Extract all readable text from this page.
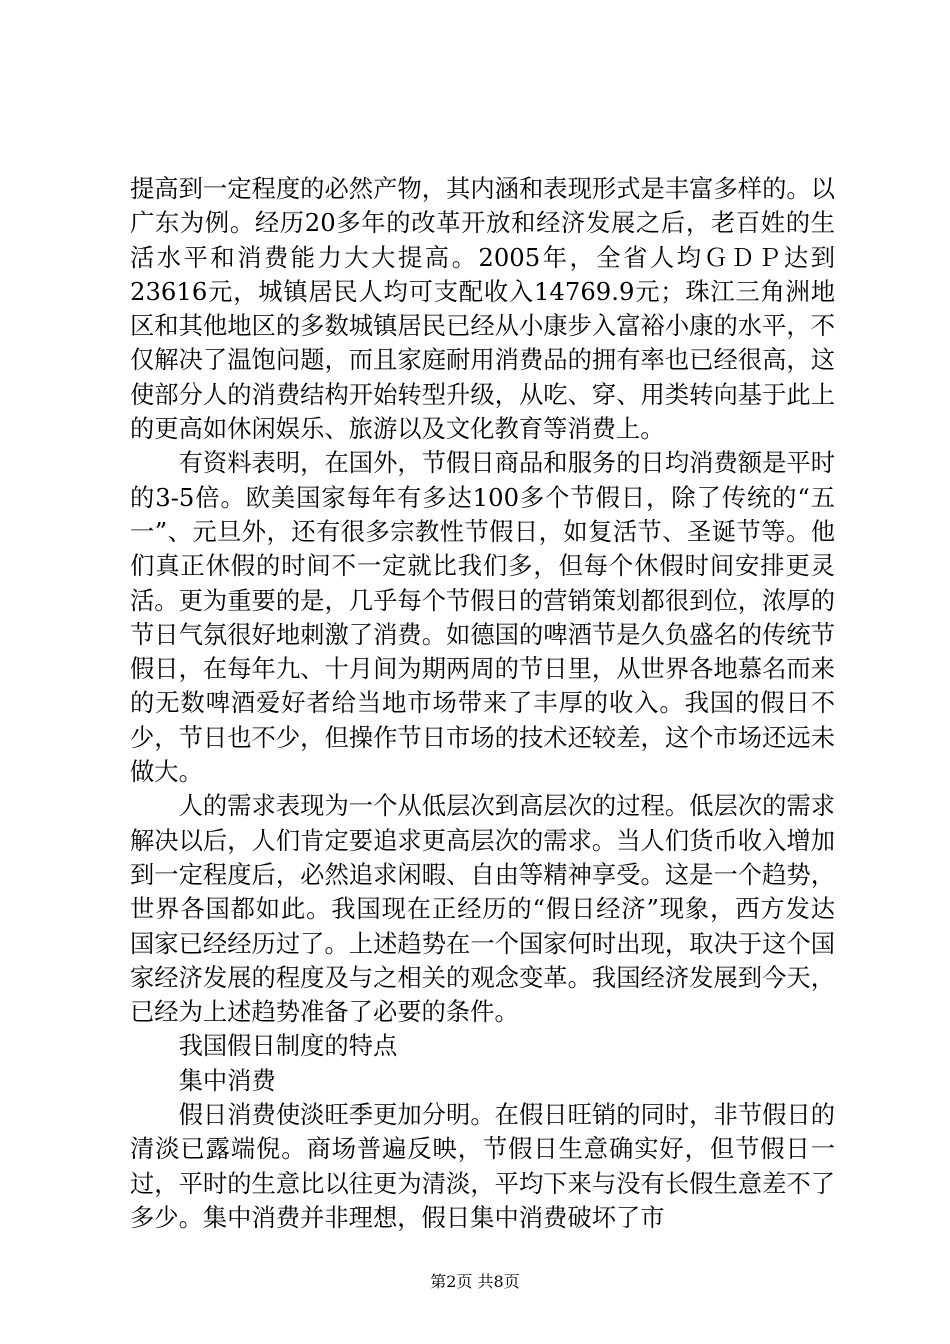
提高到一定程度的必然产物，其内涵和表现形式是丰富多样的。以广东为例。经历20多年的改革开放和经济发展之后，老百姓的生活水平和消费能力大大提高。2005年，全省人均ＧＤＰ达到23616元，城镇居民人均可支配收入14769.9元；珠江三角洲地区和其他地区的多数城镇居民已经从小康步入富裕小康的水平，不仅解决了温饱问题，而且家庭耐用消费品的拥有率也已经很高，这使部分人的消费结构开始转型升级，从吃、穿、用类转向基于此上的更高如休闲娱乐、旅游以及文化教育等消费上。

有资料表明，在国外，节假日商品和服务的日均消费额是平时的3-5倍。欧美国家每年有多达100多个节假日，除了传统的“五一”、元旦外，还有很多宗教性节假日，如复活节、圣诞节等。他们真正休假的时间不一定就比我们多，但每个休假时间安排更灵活。更为重要的是，几乎每个节假日的营销策划都很到位，浓厚的节日气氛很好地刺激了消费。如德国的啤酒节是久负盛名的传统节假日，在每年九、十月间为期两周的节日里，从世界各地慕名而来的无数啤酒爱好者给当地市场带来了丰厚的收入。我国的假日不少，节日也不少，但操作节日市场的技术还较差，这个市场还远未做大。

人的需求表现为一个从低层次到高层次的过程。低层次的需求解决以后，人们肯定要追求更高层次的需求。当人们货币收入增加到一定程度后，必然追求闲暇、自由等精神享受。这是一个趋势，世界各国都如此。我国现在正经历的“假日经济”现象，西方发达国家已经经历过了。上述趋势在一个国家何时出现，取决于这个国家经济发展的程度及与之相关的观念变革。我国经济发展到今天，已经为上述趋势准备了必要的条件。

我国假日制度的特点

集中消费

假日消费使淡旺季更加分明。在假日旺销的同时，非节假日的清淡已露端倪。商场普遍反映，节假日生意确实好，但节假日一过，平时的生意比以往更为清淡，平均下来与没有长假生意差不了多少。集中消费并非理想，假日集中消费破坏了市

第2页 共8页
